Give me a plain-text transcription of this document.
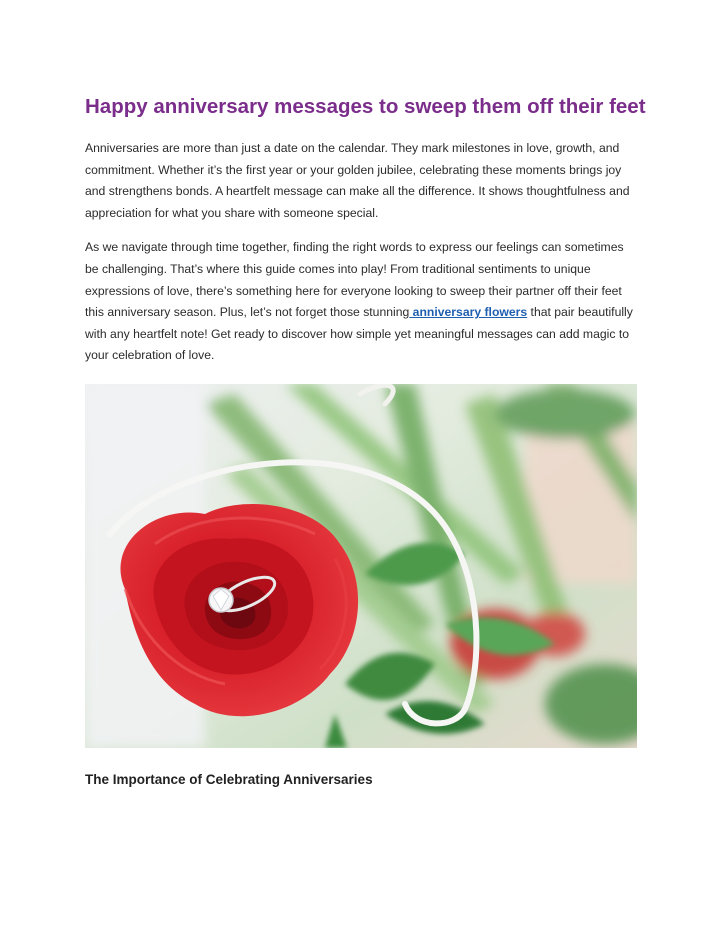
Happy anniversary messages to sweep them off their feet

Anniversaries are more than just a date on the calendar. They mark milestones in love, growth, and commitment. Whether it’s the first year or your golden jubilee, celebrating these moments brings joy and strengthens bonds. A heartfelt message can make all the difference. It shows thoughtfulness and appreciation for what you share with someone special.

As we navigate through time together, finding the right words to express our feelings can sometimes be challenging. That’s where this guide comes into play! From traditional sentiments to unique expressions of love, there’s something here for everyone looking to sweep their partner off their feet this anniversary season. Plus, let’s not forget those stunning anniversary flowers that pair beautifully with any heartfelt note! Get ready to discover how simple yet meaningful messages can add magic to your celebration of love.

The Importance of Celebrating Anniversaries
